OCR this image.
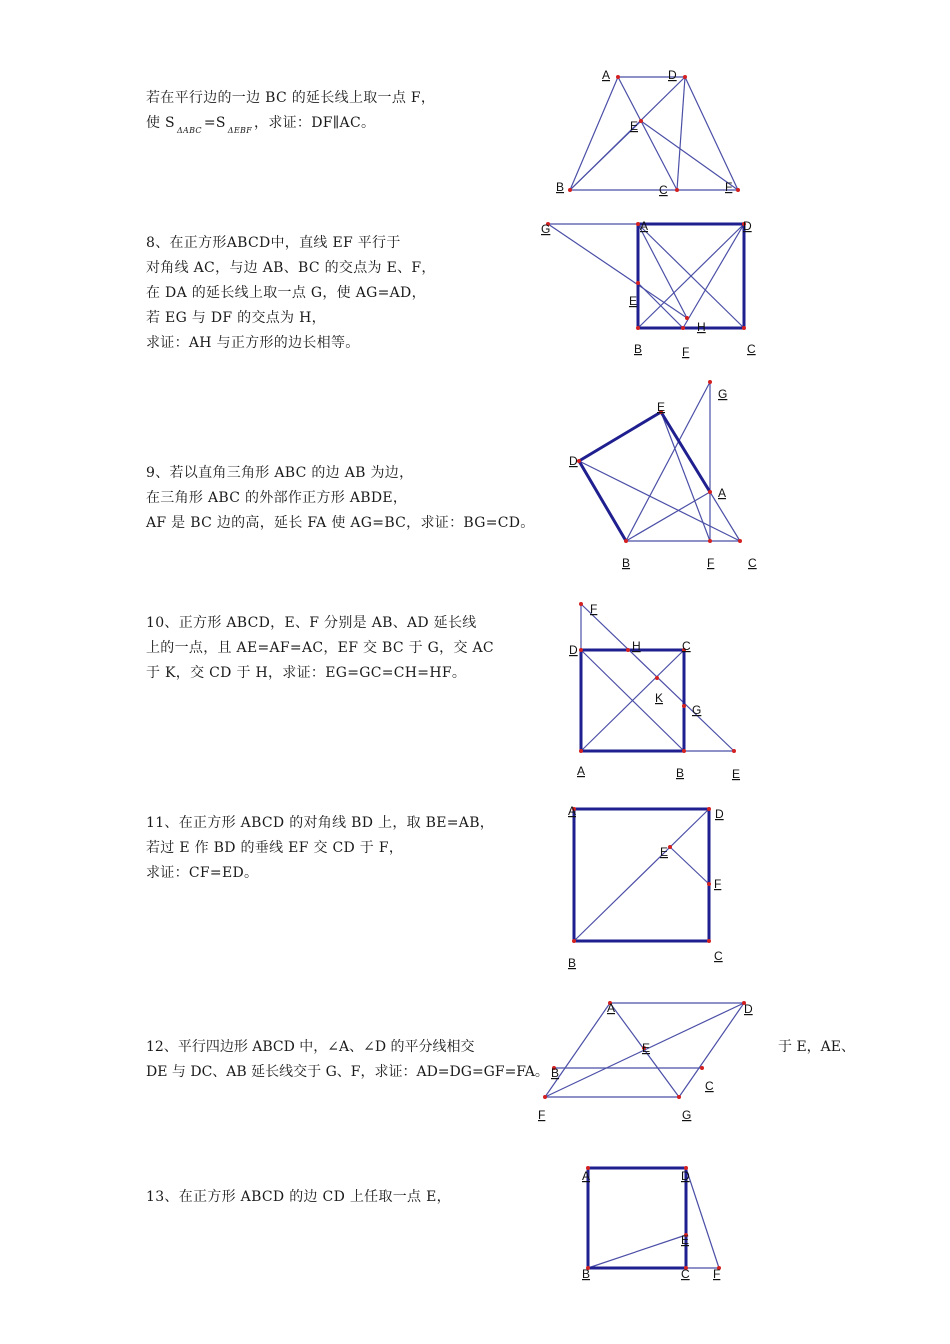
若在平行边的一边 BC 的延长线上取一点 F，
使 S $_{\Delta ABC}$ =S $_{\Delta EBF}$ ，求证：DF∥AC。
A	D
E
B	C	F
8、在正方形ABCD中，直线 EF 平行于
对角线 AC，与边 AB、BC 的交点为 E、F，
在 DA 的延长线上取一点 G，使 AG=AD，
若 EG 与 DF 的交点为 H，
求证：AH 与正方形的边长相等。
G	A	D
E
H
B	F	C
9、若以直角三角形 ABC 的边 AB 为边，
在三角形 ABC 的外部作正方形 ABDE，
AF 是 BC 边的高，延长 FA 使 AG=BC，求证：BG=CD。
E
G
D
A
B	F	C
10、正方形 ABCD，E、F 分别是 AB、AD 延长线
上的一点，且 AE=AF=AC，EF 交 BC 于 G，交 AC
于 K，交 CD 于 H，求证：EG=GC=CH=HF。
F
D	H	C
K
G
A	B	E
11、在正方形 ABCD 的对角线 BD 上，取 BE=AB，
若过 E 作 BD 的垂线 EF 交 CD 于 F，
求证：CF=ED。
A	D
E
F
B	C
12、平行四边形 ABCD 中，∠A、∠D 的平分线相交	于 E，AE、
DE 与 DC、AB 延长线交于 G、F，求证：AD=DG=GF=FA。
A	D
E
B
C
F	G
13、在正方形 ABCD 的边 CD 上任取一点 E，
A	D
E
B	C F
